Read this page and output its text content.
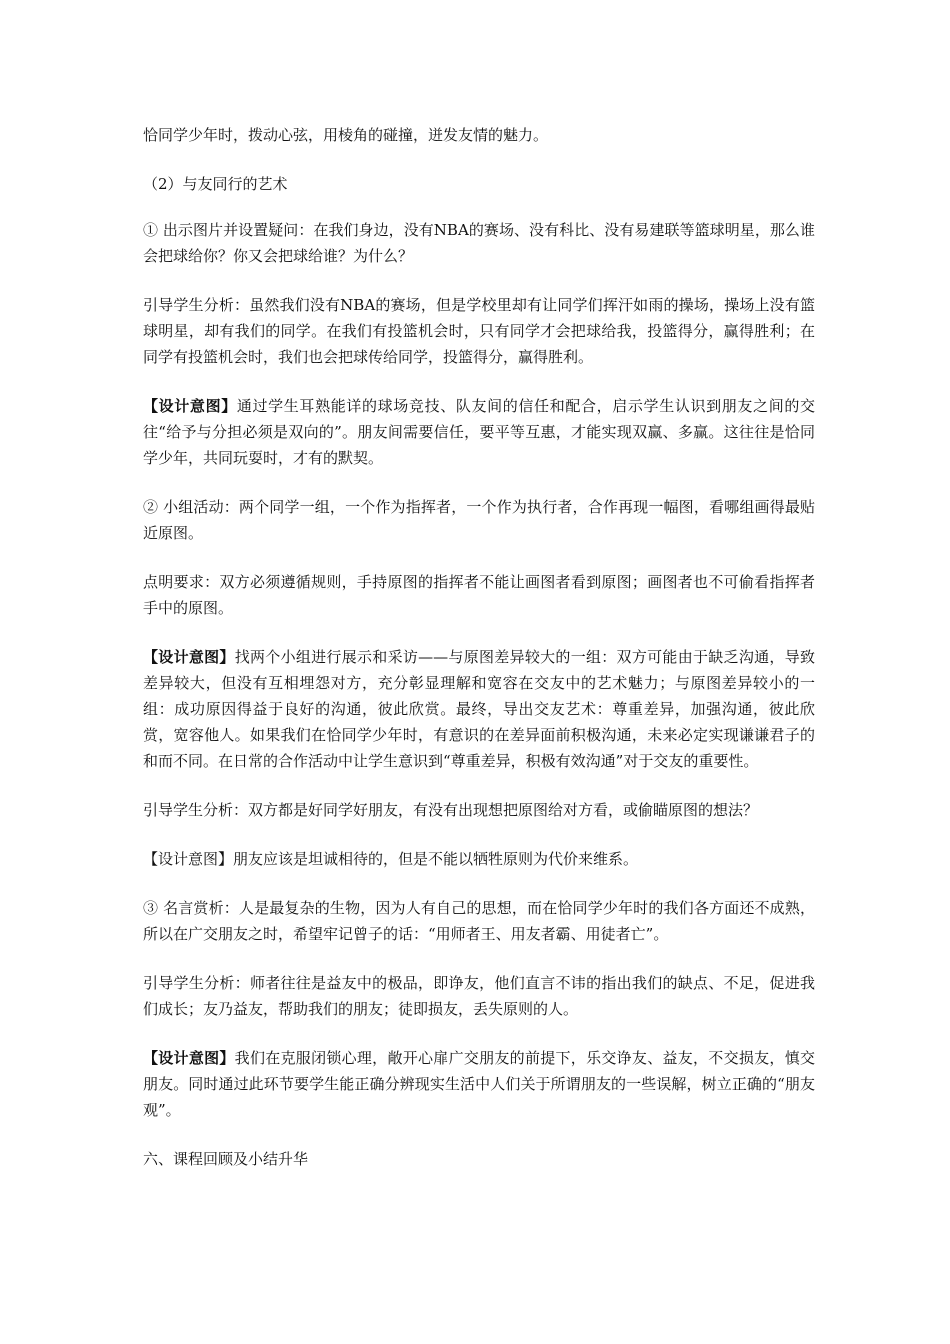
恰同学少年时，拨动心弦，用棱角的碰撞，迸发友情的魅力。

（2）与友同行的艺术

① 出示图片并设置疑问：在我们身边，没有NBA的赛场、没有科比、没有易建联等篮球明星，那么谁会把球给你？你又会把球给谁？为什么？

引导学生分析：虽然我们没有NBA的赛场，但是学校里却有让同学们挥汗如雨的操场，操场上没有篮球明星，却有我们的同学。在我们有投篮机会时，只有同学才会把球给我，投篮得分，赢得胜利；在同学有投篮机会时，我们也会把球传给同学，投篮得分，赢得胜利。

【设计意图】通过学生耳熟能详的球场竞技、队友间的信任和配合，启示学生认识到朋友之间的交往“给予与分担必须是双向的”。朋友间需要信任，要平等互惠，才能实现双赢、多赢。这往往是恰同学少年，共同玩耍时，才有的默契。

② 小组活动：两个同学一组，一个作为指挥者，一个作为执行者，合作再现一幅图，看哪组画得最贴近原图。

点明要求：双方必须遵循规则，手持原图的指挥者不能让画图者看到原图；画图者也不可偷看指挥者手中的原图。

【设计意图】找两个小组进行展示和采访——与原图差异较大的一组：双方可能由于缺乏沟通，导致差异较大，但没有互相埋怨对方，充分彰显理解和宽容在交友中的艺术魅力；与原图差异较小的一组：成功原因得益于良好的沟通，彼此欣赏。最终，导出交友艺术：尊重差异，加强沟通，彼此欣赏，宽容他人。如果我们在恰同学少年时，有意识的在差异面前积极沟通，未来必定实现谦谦君子的和而不同。在日常的合作活动中让学生意识到“尊重差异，积极有效沟通”对于交友的重要性。

引导学生分析：双方都是好同学好朋友，有没有出现想把原图给对方看，或偷瞄原图的想法？

【设计意图】朋友应该是坦诚相待的，但是不能以牺牲原则为代价来维系。

③ 名言赏析：人是最复杂的生物，因为人有自己的思想，而在恰同学少年时的我们各方面还不成熟，所以在广交朋友之时，希望牢记曾子的话：“用师者王、用友者霸、用徒者亡”。

引导学生分析：师者往往是益友中的极品，即诤友，他们直言不讳的指出我们的缺点、不足，促进我们成长；友乃益友，帮助我们的朋友；徒即损友，丢失原则的人。

【设计意图】我们在克服闭锁心理，敞开心扉广交朋友的前提下，乐交诤友、益友，不交损友，慎交朋友。同时通过此环节要学生能正确分辨现实生活中人们关于所谓朋友的一些误解，树立正确的“朋友观”。

六、课程回顾及小结升华
